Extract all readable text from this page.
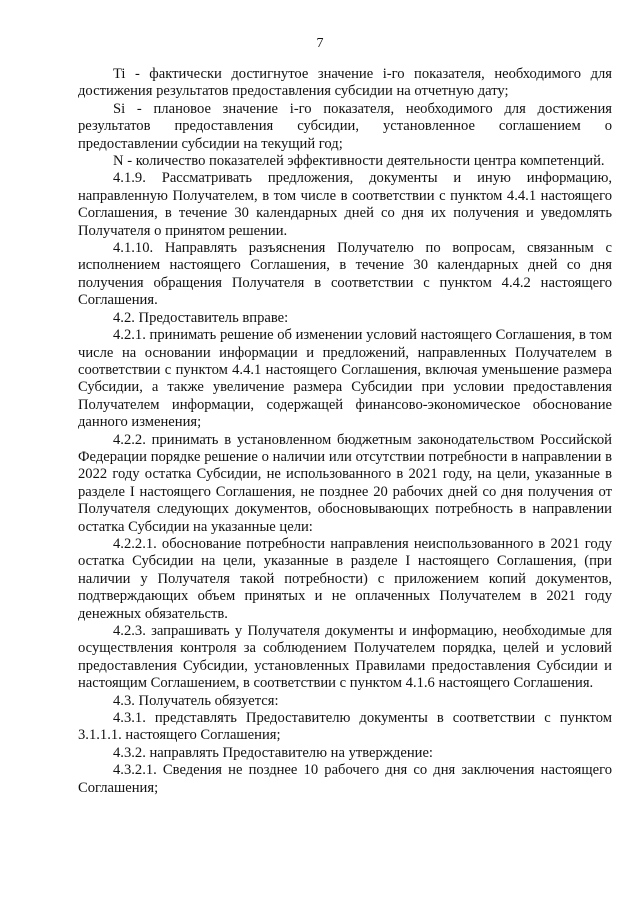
7

Ti - фактически достигнутое значение i-го показателя, необходимого для достижения результатов предоставления субсидии на отчетную дату;

Si - плановое значение i-го показателя, необходимого для достижения результатов предоставления субсидии, установленное соглашением о предоставлении субсидии на текущий год;

N - количество показателей эффективности деятельности центра компетенций.

4.1.9. Рассматривать предложения, документы и иную информацию, направленную Получателем, в том числе в соответствии с пунктом 4.4.1 настоящего Соглашения, в течение 30 календарных дней со дня их получения и уведомлять Получателя о принятом решении.

4.1.10. Направлять разъяснения Получателю по вопросам, связанным с исполнением настоящего Соглашения, в течение 30 календарных дней со дня получения обращения Получателя в соответствии с пунктом 4.4.2 настоящего Соглашения.

4.2. Предоставитель вправе:

4.2.1. принимать решение об изменении условий настоящего Соглашения, в том числе на основании информации и предложений, направленных Получателем в соответствии с пунктом 4.4.1 настоящего Соглашения, включая уменьшение размера Субсидии, а также увеличение размера Субсидии при условии предоставления Получателем информации, содержащей финансово-экономическое обоснование данного изменения;

4.2.2. принимать в установленном бюджетным законодательством Российской Федерации порядке решение о наличии или отсутствии потребности в направлении в 2022 году остатка Субсидии, не использованного в 2021 году, на цели, указанные в разделе I настоящего Соглашения, не позднее 20 рабочих дней со дня получения от Получателя следующих документов, обосновывающих потребность в направлении остатка Субсидии на указанные цели:

4.2.2.1. обоснование потребности направления неиспользованного в 2021 году остатка Субсидии на цели, указанные в разделе I настоящего Соглашения, (при наличии у Получателя такой потребности) с приложением копий документов, подтверждающих объем принятых и не оплаченных Получателем в 2021 году денежных обязательств.

4.2.3. запрашивать у Получателя документы и информацию, необходимые для осуществления контроля за соблюдением Получателем порядка, целей и условий предоставления Субсидии, установленных Правилами предоставления Субсидии и настоящим Соглашением, в соответствии с пунктом 4.1.6 настоящего Соглашения.

4.3. Получатель обязуется:

4.3.1. представлять Предоставителю документы в соответствии с пунктом 3.1.1.1. настоящего Соглашения;

4.3.2. направлять Предоставителю на утверждение:

4.3.2.1. Сведения не позднее 10 рабочего дня со дня заключения настоящего Соглашения;
